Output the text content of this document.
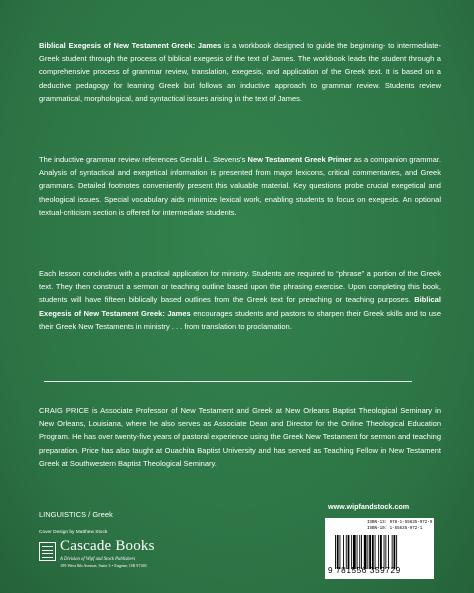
Biblical Exegesis of New Testament Greek: James is a workbook designed to guide the beginning- to intermediate-Greek student through the process of biblical exegesis of the text of James. The workbook leads the student through a comprehensive process of grammar review, translation, exegesis, and application of the Greek text. It is based on a deductive pedagogy for learning Greek but follows an inductive approach to grammar review. Students review grammatical, morphological, and syntactical issues arising in the text of James.
The inductive grammar review references Gerald L. Stevens's New Testament Greek Primer as a companion grammar. Analysis of syntactical and exegetical information is presented from major lexicons, critical commentaries, and Greek grammars. Detailed footnotes conveniently present this valuable material. Key questions probe crucial exegetical and theological issues. Special vocabulary aids minimize lexical work, enabling students to focus on exegesis. An optional textual-criticism section is offered for intermediate students.
Each lesson concludes with a practical application for ministry. Students are required to “phrase” a portion of the Greek text. They then construct a sermon or teaching outline based upon the phrasing exercise. Upon completing this book, students will have fifteen biblically based outlines from the Greek text for preaching or teaching purposes. Biblical Exegesis of New Testament Greek: James encourages students and pastors to sharpen their Greek skills and to use their Greek New Testaments in ministry . . . from translation to proclamation.
CRAIG PRICE is Associate Professor of New Testament and Greek at New Orleans Baptist Theological Seminary in New Orleans, Louisiana, where he also serves as Associate Dean and Director for the Online Theological Education Program. He has over twenty-five years of pastoral experience using the Greek New Testament for sermon and teaching preparation. Price has also taught at Ouachita Baptist University and has served as Teaching Fellow in New Testament Greek at Southwestern Baptist Theological Seminary.
www.wipfandstock.com
LINGUISTICS / Greek
Cover Design by Matthew Stock
Cascade Books
A Division of Wipf and Stock Publishers
199 West 8th Avenue, Suite 3 • Eugene, OR 97401
ISBN-13: 978-1-55635-972-9
ISBN-10: 1-55635-972-1
9 781556 359729
